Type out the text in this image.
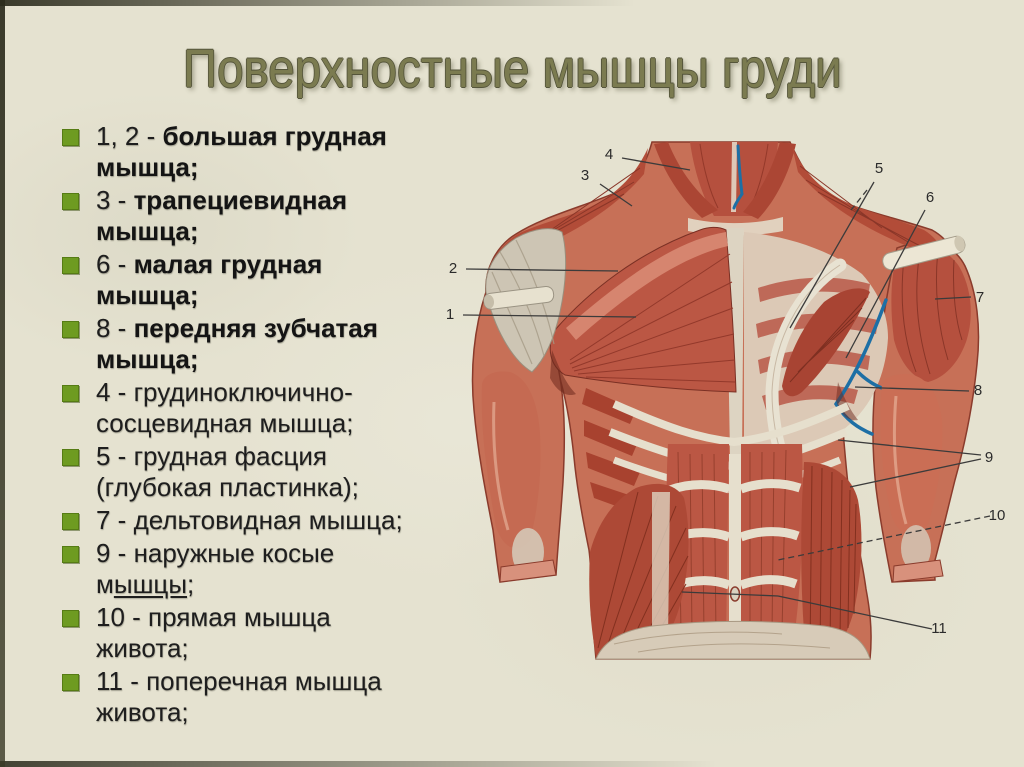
Поверхностные мышцы груди
1, 2 - большая грудная мышца;
3 - трапециевидная мышца;
6 - малая грудная мышца;
8 - передняя зубчатая мышца;
4 - грудиноключично-сосцевидная мышца;
5 - грудная фасция (глубокая пластинка);
7 - дельтовидная мышца;
9 - наружные косые мышцы;
10 - прямая мышца живота;
11 - поперечная мышца живота;
4
3	5
6
2
1
7
8
9
10
11
